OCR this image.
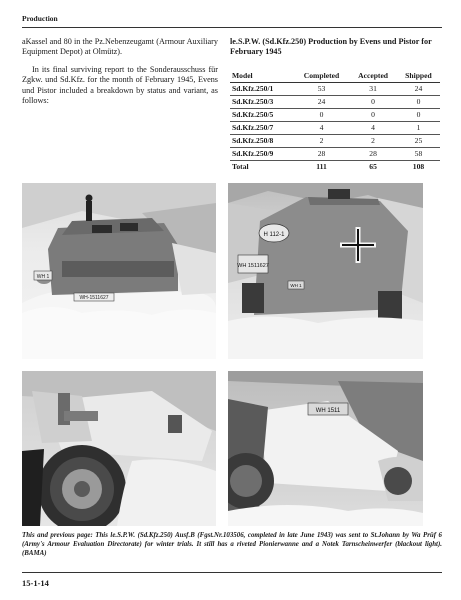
Production

aKassel and 80 in the Pz.Nebenzeugamt (Armour Auxiliary Equipment Depot) at Olmütz).

In its final surviving report to the Sonderausschuss für Zgkw. und Sd.Kfz. for the month of February 1945, Evens und Pistor included a breakdown by status and variant, as follows:

le.S.P.W. (Sd.Kfz.250) Production by Evens und Pistor for February 1945
Model	Completed	Accepted	Shipped
Sd.Kfz.250/1	53	31	24
Sd.Kfz.250/3	24	0	0
Sd.Kfz.250/5	0	0	0
Sd.Kfz.250/7	4	4	1
Sd.Kfz.250/8	2	2	25
Sd.Kfz.250/9	28	28	58
Total	111	65	108
WH 1
WH-1511627
H 112-1
WH 1511627
WH 1
WH 1511
This and previous page: This le.S.P.W. (Sd.Kfz.250) Ausf.B (Fgst.Nr.103506, completed in late June 1943) was sent to St.Johann by Wa Prüf 6 (Army's Armour Evaluation Directorate) for winter trials. It still has a riveted Pionierwanne and a Notek Tarnscheinwerfer (blackout light). (BAMA)
15-1-14
